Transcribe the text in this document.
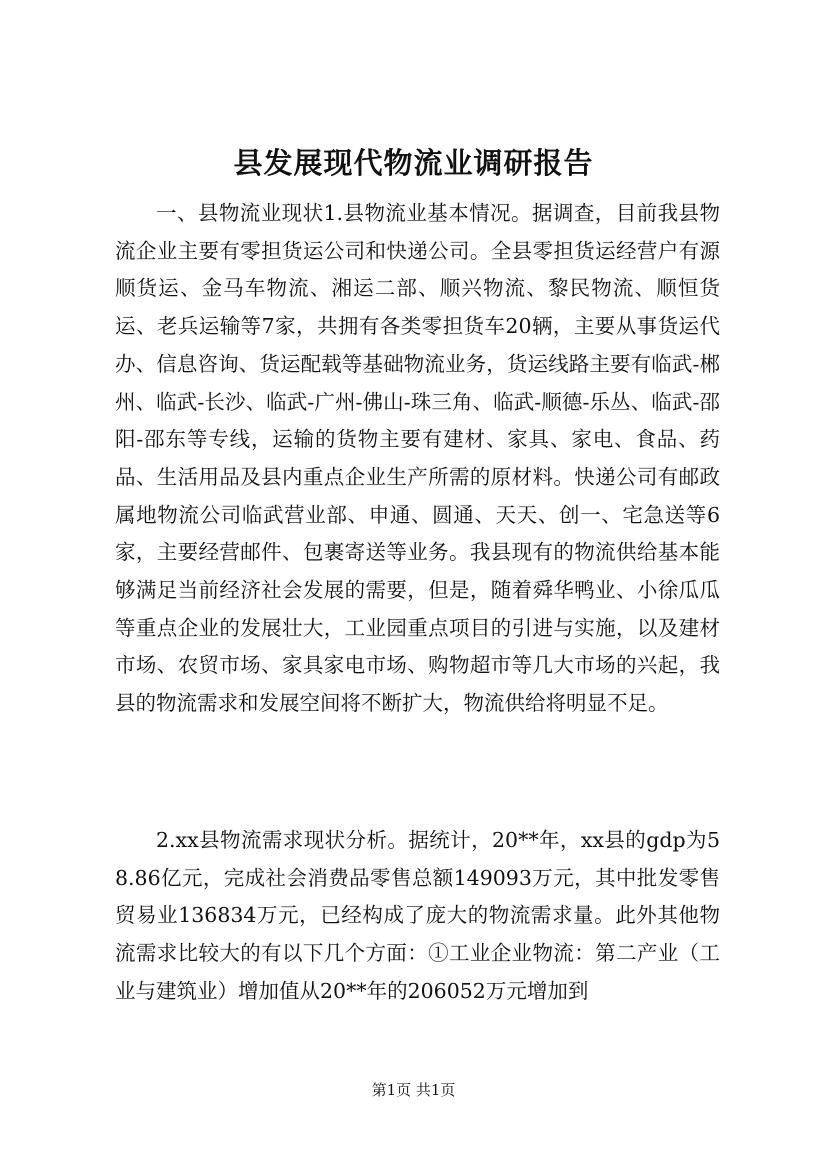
县发展现代物流业调研报告

一、县物流业现状1.县物流业基本情况。据调查，目前我县物流企业主要有零担货运公司和快递公司。全县零担货运经营户有源顺货运、金马车物流、湘运二部、顺兴物流、黎民物流、顺恒货运、老兵运输等7家，共拥有各类零担货车20辆，主要从事货运代办、信息咨询、货运配载等基础物流业务，货运线路主要有临武-郴州、临武-长沙、临武-广州-佛山-珠三角、临武-顺德-乐丛、临武-邵阳-邵东等专线，运输的货物主要有建材、家具、家电、食品、药品、生活用品及县内重点企业生产所需的原材料。快递公司有邮政属地物流公司临武营业部、申通、圆通、天天、创一、宅急送等6家，主要经营邮件、包裹寄送等业务。我县现有的物流供给基本能够满足当前经济社会发展的需要，但是，随着舜华鸭业、小徐瓜瓜等重点企业的发展壮大，工业园重点项目的引进与实施，以及建材市场、农贸市场、家具家电市场、购物超市等几大市场的兴起，我县的物流需求和发展空间将不断扩大，物流供给将明显不足。

2.xx县物流需求现状分析。据统计，20**年，xx县的gdp为58.86亿元，完成社会消费品零售总额149093万元，其中批发零售贸易业136834万元，已经构成了庞大的物流需求量。此外其他物流需求比较大的有以下几个方面：①工业企业物流：第二产业（工业与建筑业）增加值从20**年的206052万元增加到

第1页 共1页
